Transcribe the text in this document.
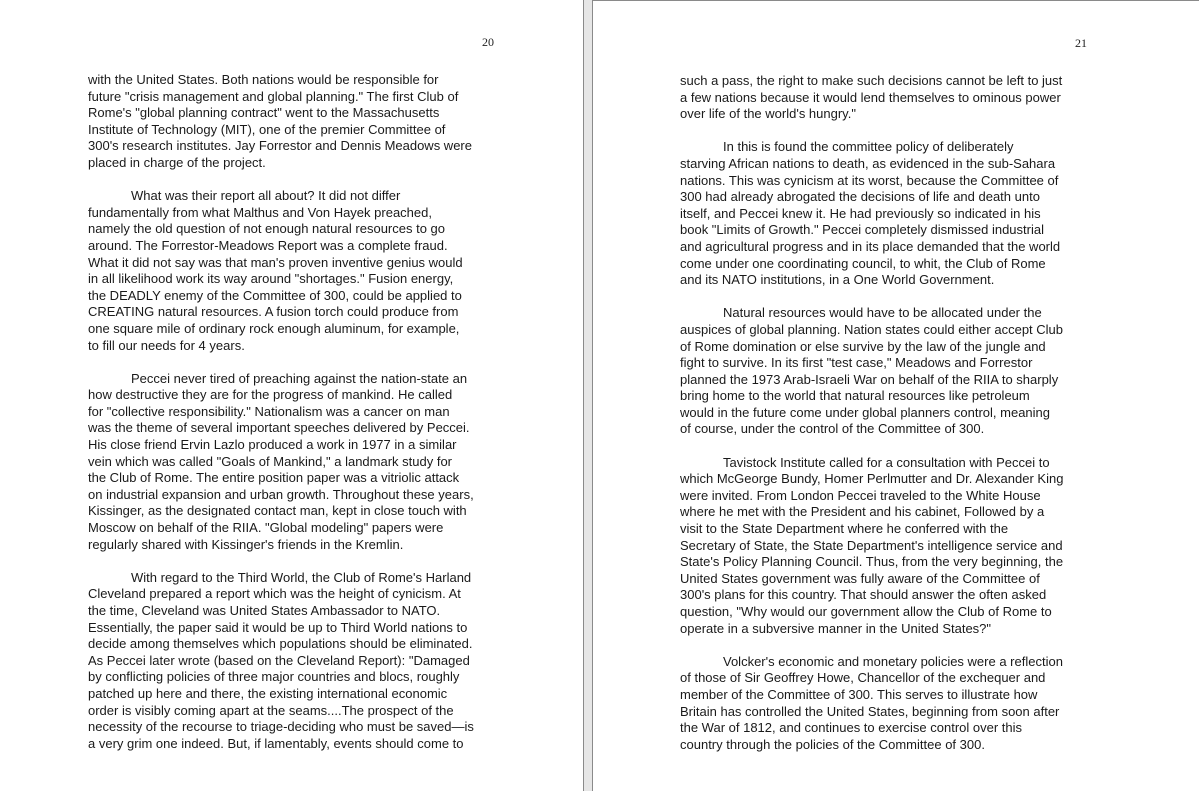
20

with the United States. Both nations would be responsible for
future "crisis management and global planning." The first Club of
Rome's "global planning contract" went to the Massachusetts
Institute of Technology (MIT), one of the premier Committee of
300's research institutes. Jay Forrestor and Dennis Meadows were
placed in charge of the project.

What was their report all about? It did not differ
fundamentally from what Malthus and Von Hayek preached,
namely the old question of not enough natural resources to go
around. The Forrestor-Meadows Report was a complete fraud.
What it did not say was that man's proven inventive genius would
in all likelihood work its way around "shortages." Fusion energy,
the DEADLY enemy of the Committee of 300, could be applied to
CREATING natural resources. A fusion torch could produce from
one square mile of ordinary rock enough aluminum, for example,
to fill our needs for 4 years.

Peccei never tired of preaching against the nation-state an
how destructive they are for the progress of mankind. He called
for "collective responsibility." Nationalism was a cancer on man
was the theme of several important speeches delivered by Peccei.
His close friend Ervin Lazlo produced a work in 1977 in a similar
vein which was called "Goals of Mankind," a landmark study for
the Club of Rome. The entire position paper was a vitriolic attack
on industrial expansion and urban growth. Throughout these years,
Kissinger, as the designated contact man, kept in close touch with
Moscow on behalf of the RIIA. "Global modeling" papers were
regularly shared with Kissinger's friends in the Kremlin.

With regard to the Third World, the Club of Rome's Harland
Cleveland prepared a report which was the height of cynicism. At
the time, Cleveland was United States Ambassador to NATO.
Essentially, the paper said it would be up to Third World nations to
decide among themselves which populations should be eliminated.
As Peccei later wrote (based on the Cleveland Report): "Damaged
by conflicting policies of three major countries and blocs, roughly
patched up here and there, the existing international economic
order is visibly coming apart at the seams....The prospect of the
necessity of the recourse to triage-deciding who must be saved—is
a very grim one indeed. But, if lamentably, events should come to

21

such a pass, the right to make such decisions cannot be left to just
a few nations because it would lend themselves to ominous power
over life of the world's hungry."

In this is found the committee policy of deliberately
starving African nations to death, as evidenced in the sub-Sahara
nations. This was cynicism at its worst, because the Committee of
300 had already abrogated the decisions of life and death unto
itself, and Peccei knew it. He had previously so indicated in his
book "Limits of Growth." Peccei completely dismissed industrial
and agricultural progress and in its place demanded that the world
come under one coordinating council, to whit, the Club of Rome
and its NATO institutions, in a One World Government.

Natural resources would have to be allocated under the
auspices of global planning. Nation states could either accept Club
of Rome domination or else survive by the law of the jungle and
fight to survive. In its first "test case," Meadows and Forrestor
planned the 1973 Arab-Israeli War on behalf of the RIIA to sharply
bring home to the world that natural resources like petroleum
would in the future come under global planners control, meaning
of course, under the control of the Committee of 300.

Tavistock Institute called for a consultation with Peccei to
which McGeorge Bundy, Homer Perlmutter and Dr. Alexander King
were invited. From London Peccei traveled to the White House
where he met with the President and his cabinet, Followed by a
visit to the State Department where he conferred with the
Secretary of State, the State Department's intelligence service and
State's Policy Planning Council. Thus, from the very beginning, the
United States government was fully aware of the Committee of
300's plans for this country. That should answer the often asked
question, "Why would our government allow the Club of Rome to
operate in a subversive manner in the United States?"

Volcker's economic and monetary policies were a reflection
of those of Sir Geoffrey Howe, Chancellor of the exchequer and
member of the Committee of 300. This serves to illustrate how
Britain has controlled the United States, beginning from soon after
the War of 1812, and continues to exercise control over this
country through the policies of the Committee of 300.
